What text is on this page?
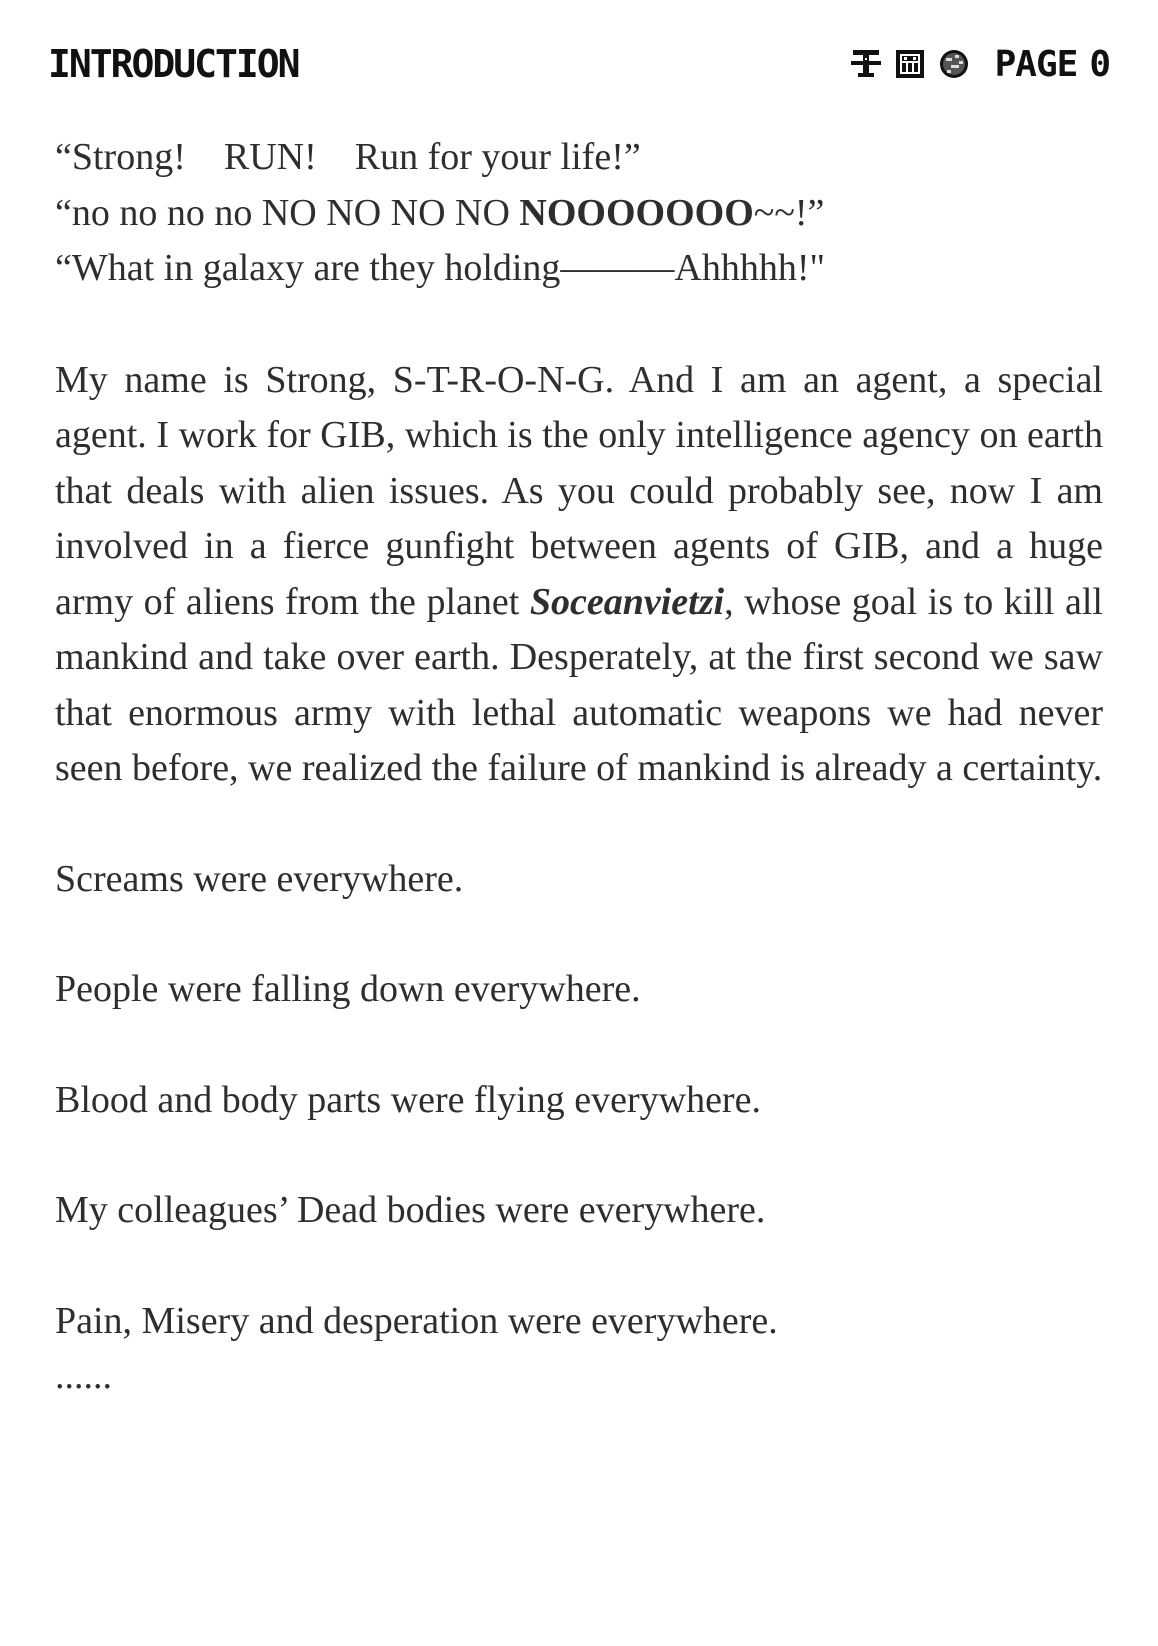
INTRODUCTION	PAGE 0

“Strong!    RUN!    Run for your life!”

“no no no no NO NO NO NO NOOOOOOO~~!”

“What in galaxy are they holding———Ahhhhh!"

My name is Strong, S-T-R-O-N-G. And I am an agent, a special agent. I work for GIB, which is the only intelligence agency on earth that deals with alien issues. As you could probably see, now I am involved in a fierce gunfight between agents of GIB, and a huge army of aliens from the planet Soceanvietzi, whose goal is to kill all mankind and take over earth. Desperately, at the first second we saw that enormous army with lethal automatic weapons we had never seen before, we realized the failure of mankind is already a certainty.

Screams were everywhere.

People were falling down everywhere.

Blood and body parts were flying everywhere.

My colleagues’ Dead bodies were everywhere.

Pain, Misery and desperation were everywhere.

......
